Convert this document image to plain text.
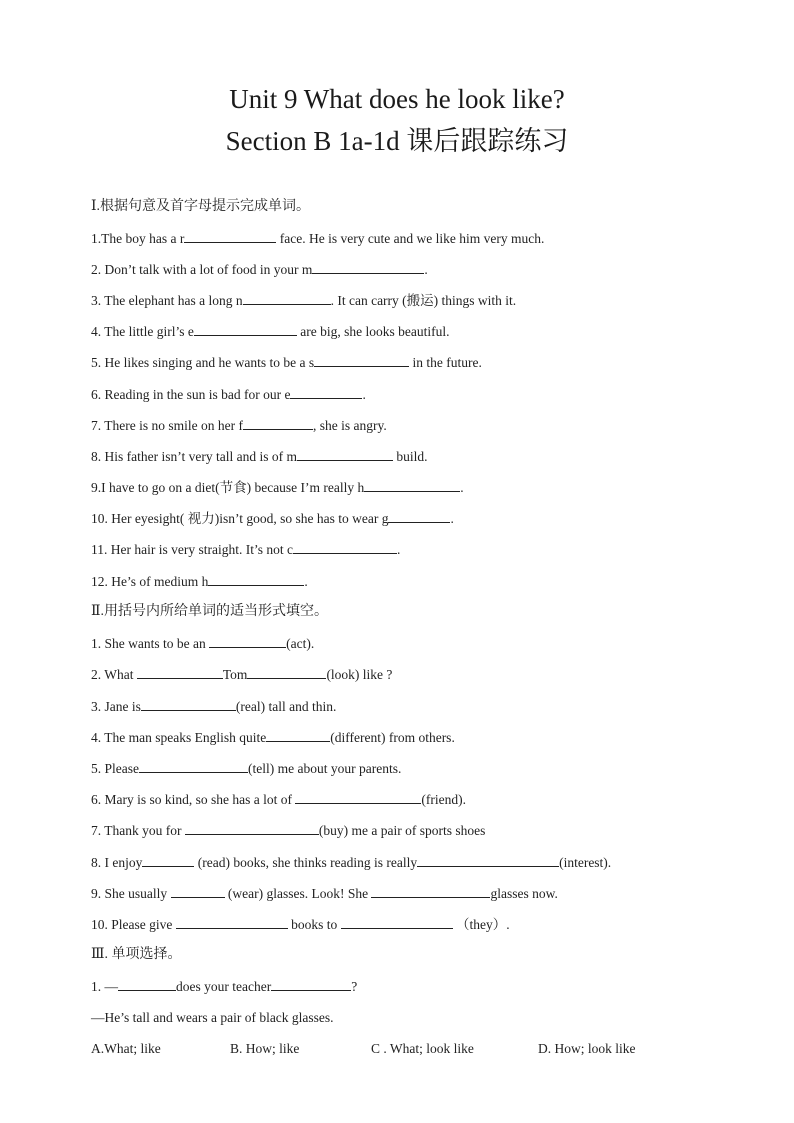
Unit 9 What does he look like?
Section B 1a-1d 课后跟踪练习
Ⅰ.根据句意及首字母提示完成单词。
1.The boy has a r	face. He is very cute and we like him very much.
2. Don’t talk with a lot of food in your m	.
3. The elephant has a long n	. It can carry (搬运) things with it.
4. The little girl’s e	are big, she looks beautiful.
5. He likes singing and he wants to be a s	in the future.
6. Reading in the sun is bad for our e	.
7. There is no smile on her f	, she is angry.
8. His father isn’t very tall and is of m	build.
9.I have to go on a diet(节食) because I’m really h	.
10. Her eyesight( 视力)isn’t good, so she has to wear g	.
11. Her hair is very straight. It’s not c	.
12. He’s of medium h	.
Ⅱ.用括号内所给单词的适当形式填空。
1. She wants to be an	(act).
2. What	Tom	(look) like ?
3. Jane is	(real) tall and thin.
4. The man speaks English quite	(different) from others.
5. Please	(tell) me about your parents.
6. Mary is so kind, so she has a lot of	(friend).
7. Thank you for	(buy) me a pair of sports shoes
8. I enjoy	(read) books, she thinks reading is really	(interest).
9. She usually	(wear) glasses. Look! She	glasses now.
10. Please give	books to	（they）.
Ⅲ. 单项选择。
1. —	does your teacher	?
—He’s tall and wears a pair of black glasses.
A.What; like	B. How; like	C . What; look like	D. How; look like
